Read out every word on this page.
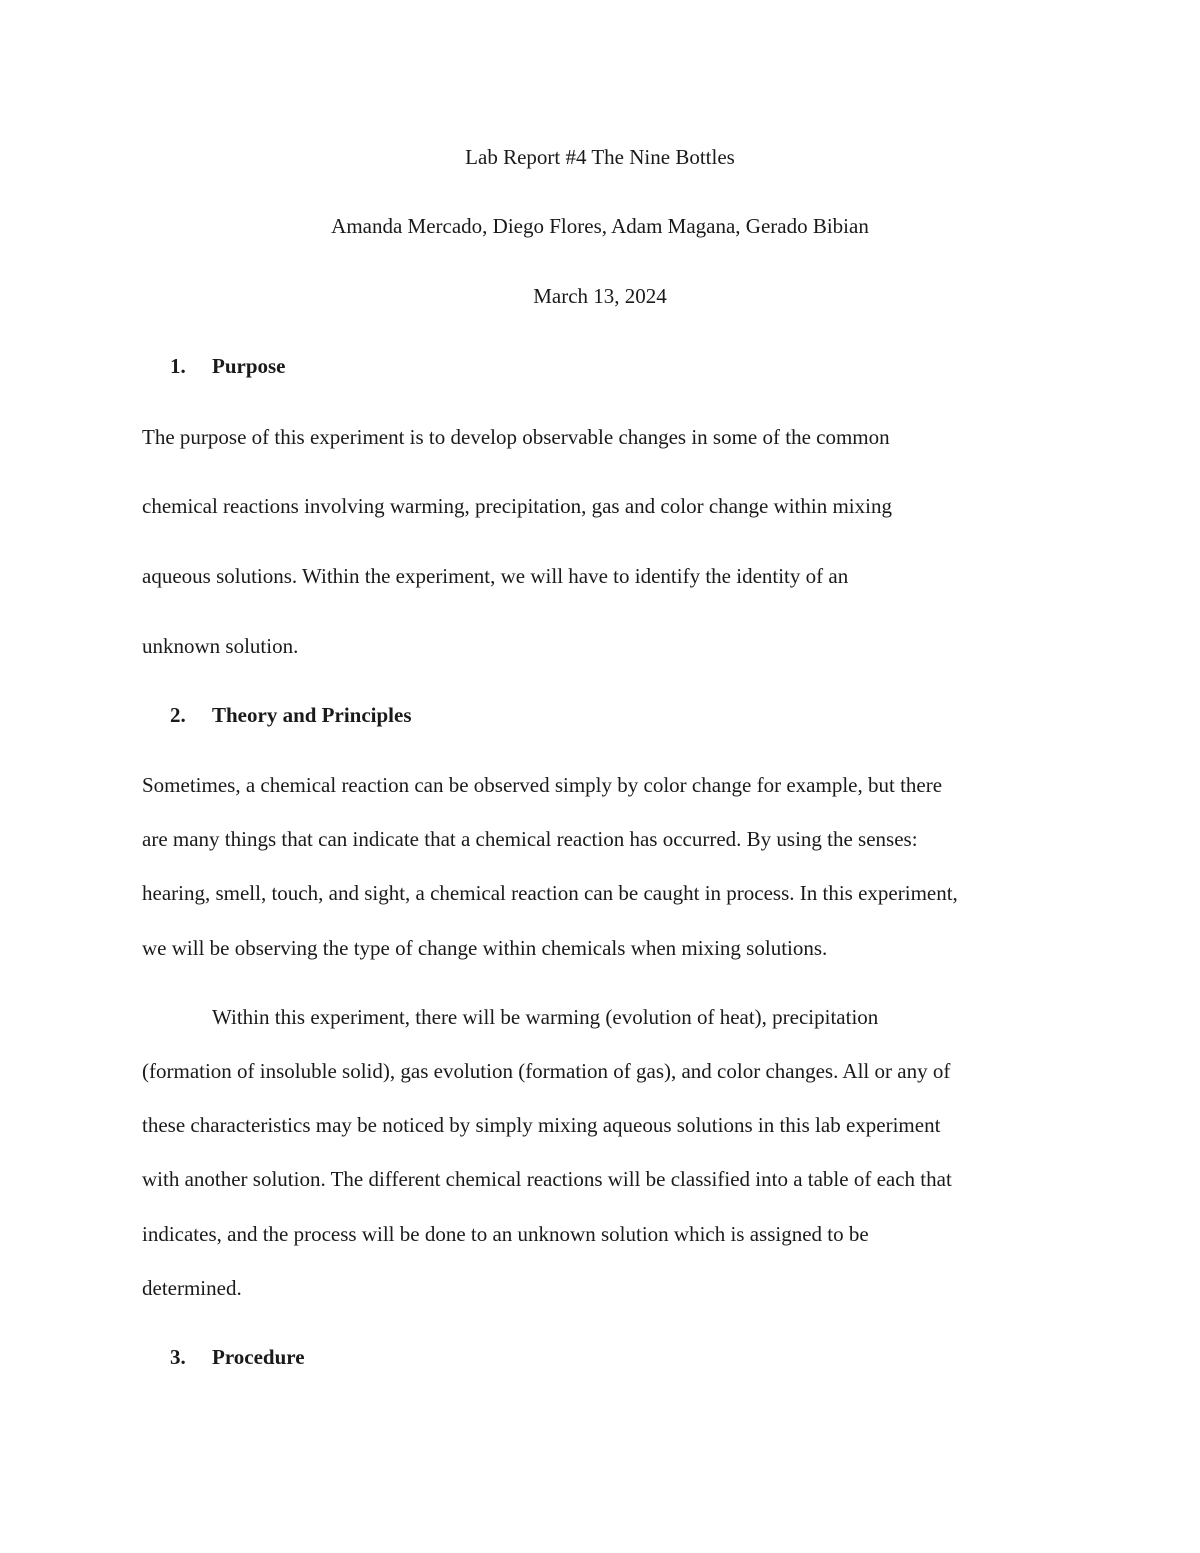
Lab Report #4 The Nine Bottles
Amanda Mercado, Diego Flores, Adam Magana, Gerado Bibian
March 13, 2024
1. Purpose
The purpose of this experiment is to develop observable changes in some of the common
chemical reactions involving warming, precipitation, gas and color change within mixing
aqueous solutions. Within the experiment, we will have to identify the identity of an
unknown solution.
2. Theory and Principles
Sometimes, a chemical reaction can be observed simply by color change for example, but there
are many things that can indicate that a chemical reaction has occurred. By using the senses:
hearing, smell, touch, and sight, a chemical reaction can be caught in process. In this experiment,
we will be observing the type of change within chemicals when mixing solutions.
Within this experiment, there will be warming (evolution of heat), precipitation
(formation of insoluble solid), gas evolution (formation of gas), and color changes. All or any of
these characteristics may be noticed by simply mixing aqueous solutions in this lab experiment
with another solution. The different chemical reactions will be classified into a table of each that
indicates, and the process will be done to an unknown solution which is assigned to be
determined.
3. Procedure
